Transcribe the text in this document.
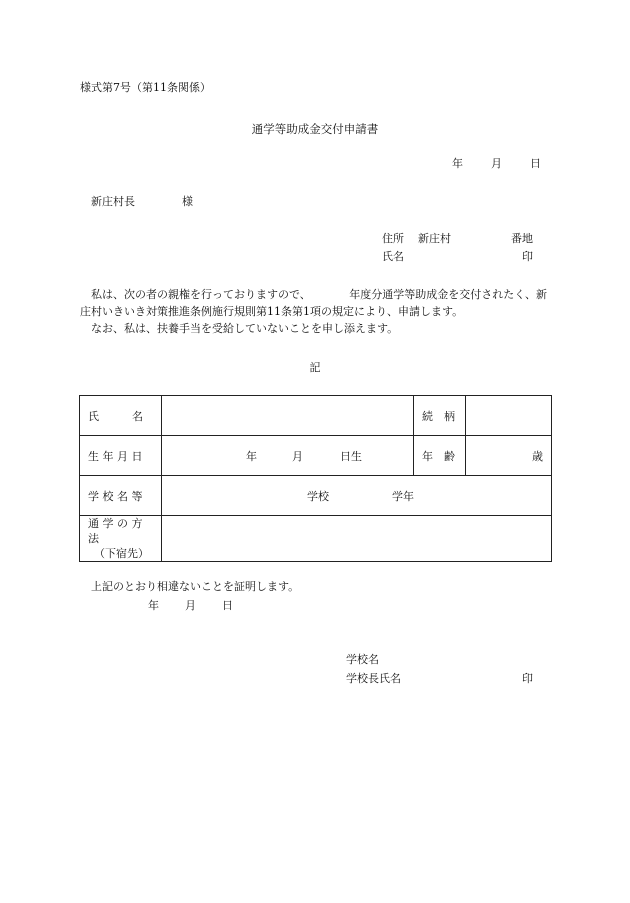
様式第7号（第11条関係）
通学等助成金交付申請書
年	月	日
新庄村長	様
住所 新庄村	番地
氏名	印
　私は、次の者の親権を行っておりますので、　　　　年度分通学等助成金を交付されたく、新庄村いきいき対策推進条例施行規則第11条第1項の規定により、申請します。
　なお、私は、扶養手当を受給していないことを申し添えます。
記
氏　　　名		続　柄	
生 年 月 日	年 月 日生	年　齢	歳
学 校 名 等	学校 学年		

通 学 の 方 法
（下宿先）			

上記のとおり相違ないことを証明します。
年 月 日
学校名
学校長氏名	印
